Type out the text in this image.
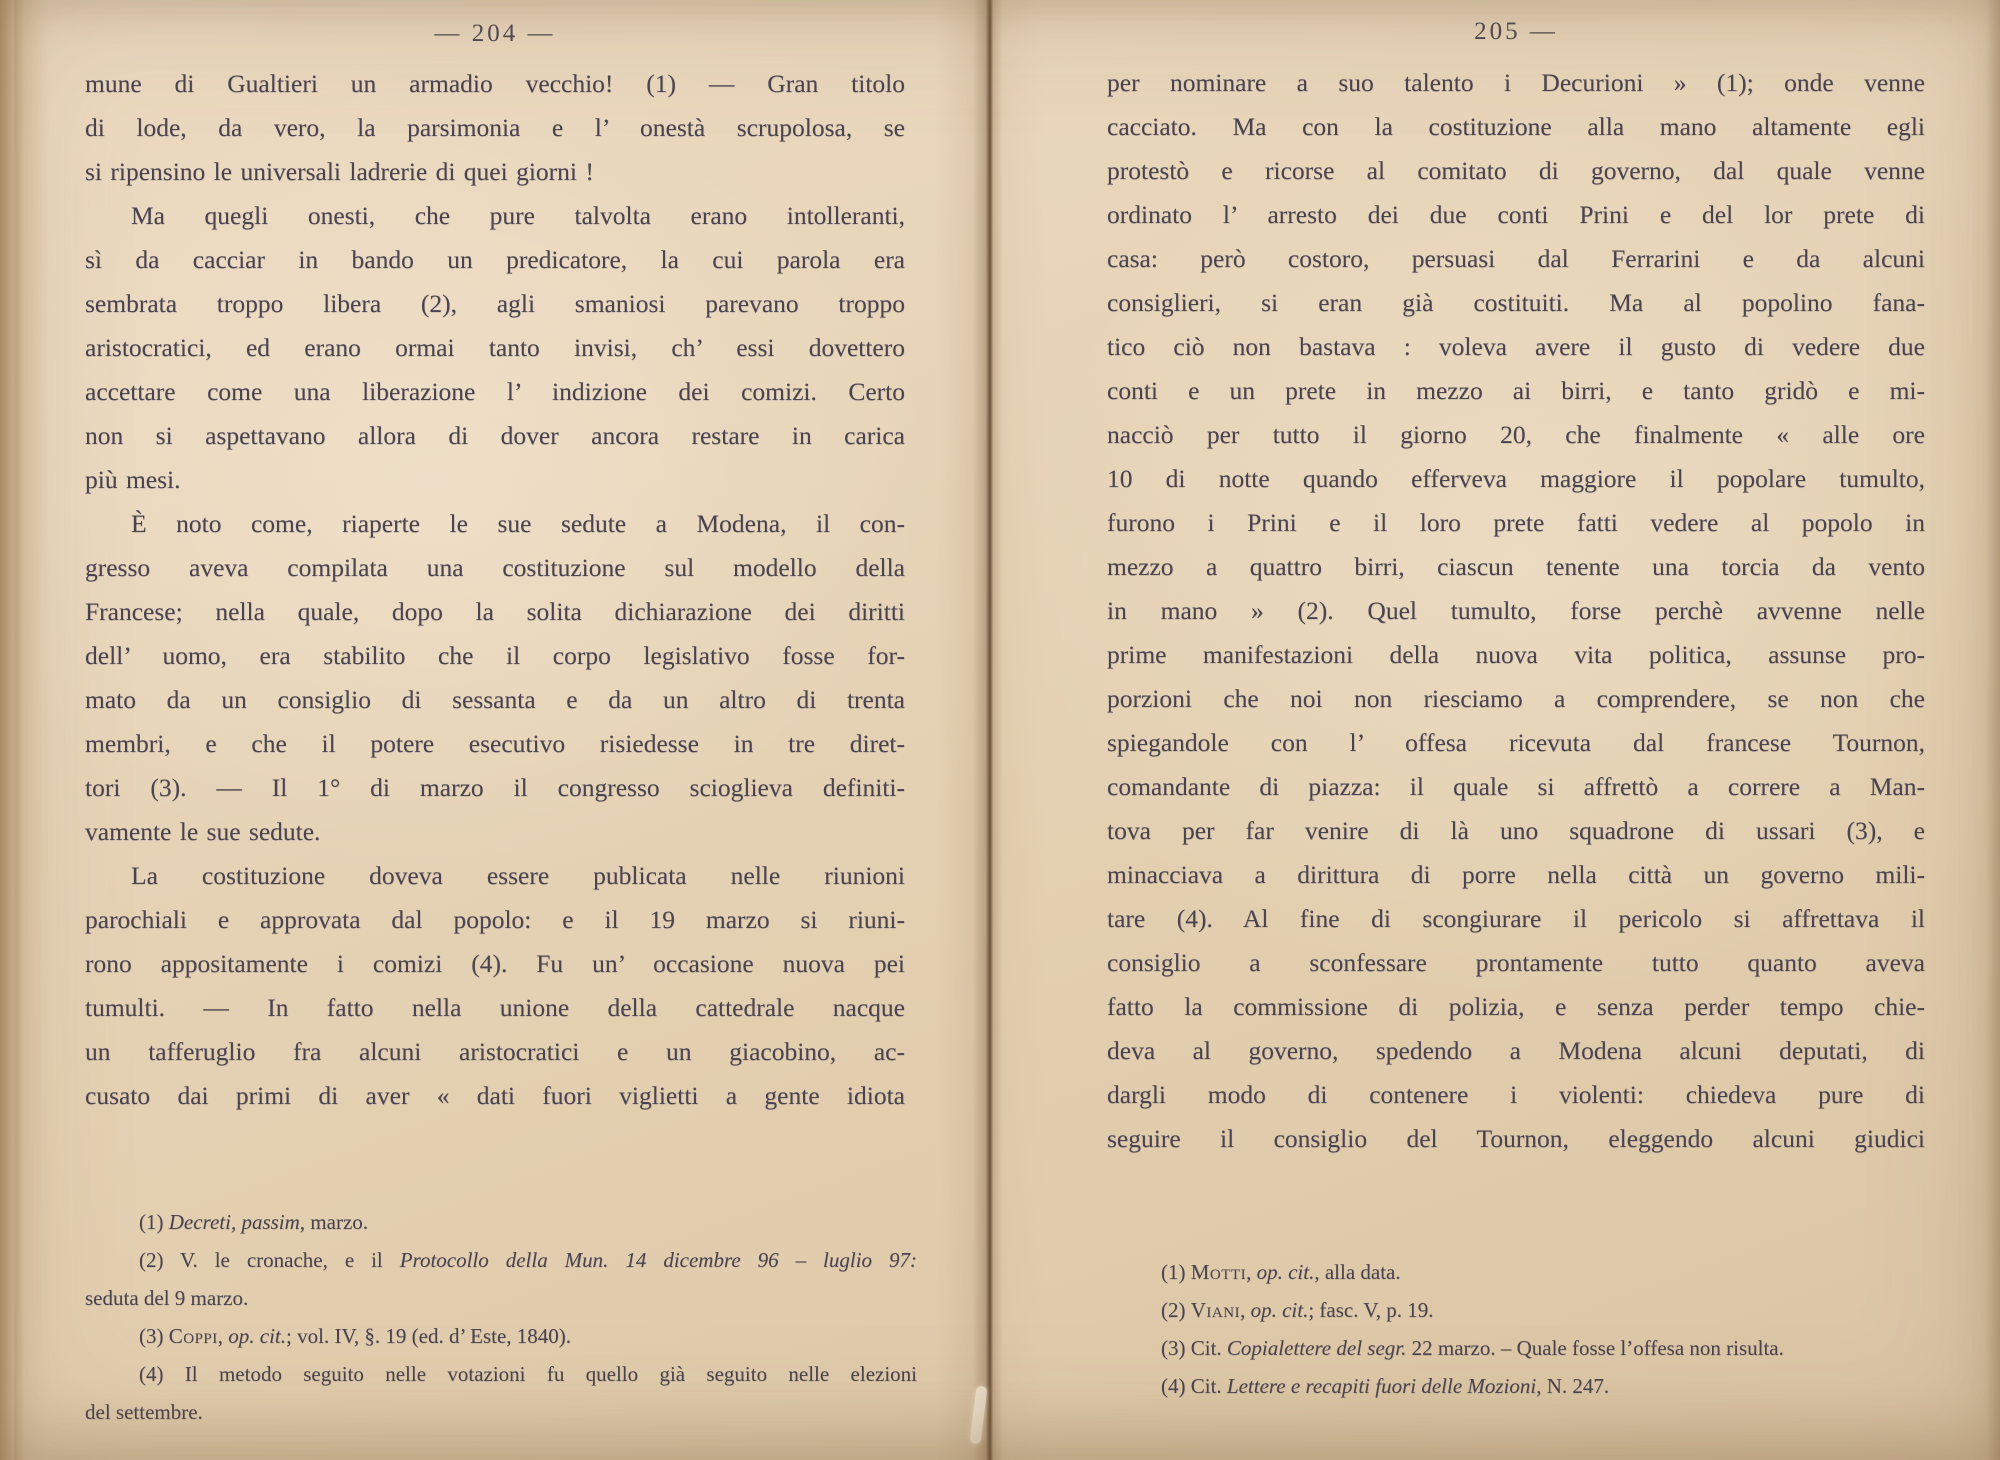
— 204 —	205 —
mune di Gualtieri un armadio vecchio! (1) — Gran titolo
di lode, da vero, la parsimonia e l’ onestà scrupolosa, se
si ripensino le universali ladrerie di quei giorni !
Ma quegli onesti, che pure talvolta erano intolleranti,
sì da cacciar in bando un predicatore, la cui parola era
sembrata troppo libera (2), agli smaniosi parevano troppo
aristocratici, ed erano ormai tanto invisi, ch’ essi dovettero
accettare come una liberazione l’ indizione dei comizi. Certo
non si aspettavano allora di dover ancora restare in carica
più mesi.
È noto come, riaperte le sue sedute a Modena, il con-
gresso aveva compilata una costituzione sul modello della
Francese; nella quale, dopo la solita dichiarazione dei diritti
dell’ uomo, era stabilito che il corpo legislativo fosse for-
mato da un consiglio di sessanta e da un altro di trenta
membri, e che il potere esecutivo risiedesse in tre diret-
tori (3). — Il 1° di marzo il congresso scioglieva definiti-
vamente le sue sedute.
La costituzione doveva essere publicata nelle riunioni
parochiali e approvata dal popolo: e il 19 marzo si riuni-
rono appositamente i comizi (4). Fu un’ occasione nuova pei
tumulti. — In fatto nella unione della cattedrale nacque
un tafferuglio fra alcuni aristocratici e un giacobino, ac-
cusato dai primi di aver « dati fuori viglietti a gente idiota
(1) Decreti, passim, marzo.
(2) V. le cronache, e il Protocollo della Mun. 14 dicembre 96 – luglio 97:
seduta del 9 marzo.
(3) Coppi, op. cit.; vol. IV, §. 19 (ed. d’ Este, 1840).
(4) Il metodo seguito nelle votazioni fu quello già seguito nelle elezioni
del settembre.
per nominare a suo talento i Decurioni » (1); onde venne
cacciato. Ma con la costituzione alla mano altamente egli
protestò e ricorse al comitato di governo, dal quale venne
ordinato l’ arresto dei due conti Prini e del lor prete di
casa: però costoro, persuasi dal Ferrarini e da alcuni
consiglieri, si eran già costituiti. Ma al popolino fana-
tico ciò non bastava : voleva avere il gusto di vedere due
conti e un prete in mezzo ai birri, e tanto gridò e mi-
nacciò per tutto il giorno 20, che finalmente « alle ore
10 di notte quando efferveva maggiore il popolare tumulto,
furono i Prini e il loro prete fatti vedere al popolo in
mezzo a quattro birri, ciascun tenente una torcia da vento
in mano » (2). Quel tumulto, forse perchè avvenne nelle
prime manifestazioni della nuova vita politica, assunse pro-
porzioni che noi non riesciamo a comprendere, se non che
spiegandole con l’ offesa ricevuta dal francese Tournon,
comandante di piazza: il quale si affrettò a correre a Man-
tova per far venire di là uno squadrone di ussari (3), e
minacciava a dirittura di porre nella città un governo mili-
tare (4). Al fine di scongiurare il pericolo si affrettava il
consiglio a sconfessare prontamente tutto quanto aveva
fatto la commissione di polizia, e senza perder tempo chie-
deva al governo, spedendo a Modena alcuni deputati, di
dargli modo di contenere i violenti: chiedeva pure di
seguire il consiglio del Tournon, eleggendo alcuni giudici
(1) Motti, op. cit., alla data.
(2) Viani, op. cit.; fasc. V, p. 19.
(3) Cit. Copialettere del segr. 22 marzo. – Quale fosse l’offesa non risulta.
(4) Cit. Lettere e recapiti fuori delle Mozioni, N. 247.
